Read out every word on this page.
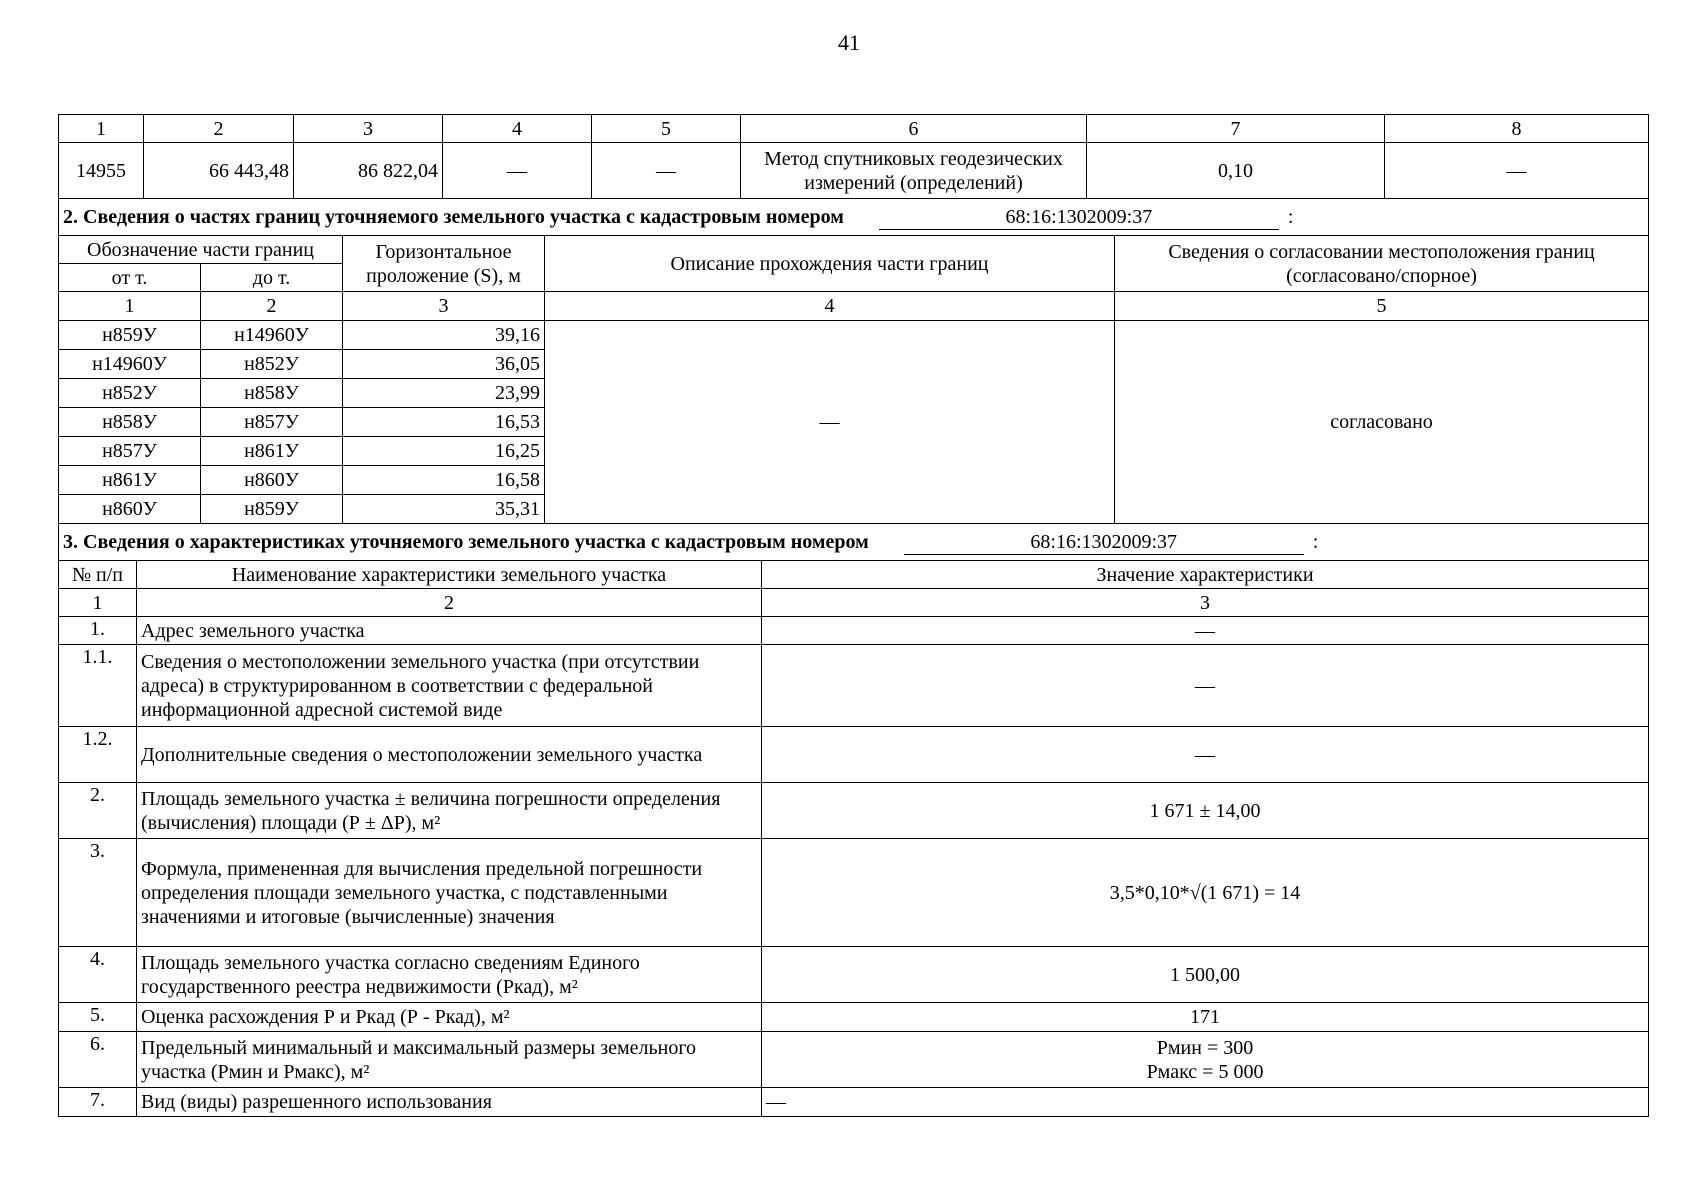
41
1	2	3	4	5	6	7	8
14955	66 443,48	86 822,04	—	—	Метод спутниковых геодезических измерений (определений)	0,10	—
2. Сведения о частях границ уточняемого земельного участка с кадастровым номером 68:16:1302009:37 :				
Обозначение части границ		Горизонтальное проложение (S), м	Описание прохождения части границ	Сведения о согласовании местоположения границ (согласовано/спорное)
от т.	до т.			
1	2	3	4	5
н859У	н14960У	39,16	—	согласовано
н14960У	н852У	36,05		
н852У	н858У	23,99		
н858У	н857У	16,53		
н857У	н861У	16,25		
н861У	н860У	16,58		
н860У	н859У	35,31		
3. Сведения о характеристиках уточняемого земельного участка с кадастровым номером 68:16:1302009:37 :		
№ п/п	Наименование характеристики земельного участка	Значение характеристики
1	2	3
1.	Адрес земельного участка	—
1.1.	Сведения о местоположении земельного участка (при отсутствии адреса) в структурированном в соответствии с федеральной информационной адресной системой виде	—
1.2.	Дополнительные сведения о местоположении земельного участка	—
2.	Площадь земельного участка ± величина погрешности определения (вычисления) площади (Р ± ΔР), м²	1 671 ± 14,00
3.	Формула, примененная для вычисления предельной погрешности определения площади земельного участка, с подставленными значениями и итоговые (вычисленные) значения	3,5*0,10*√(1 671) = 14
4.	Площадь земельного участка согласно сведениям Единого государственного реестра недвижимости (Ркад), м²	1 500,00
5.	Оценка расхождения Р и Ркад (Р - Ркад), м²	171
6.	Предельный минимальный и максимальный размеры земельного участка (Рмин и Рмакс), м²	Рмин = 300
Рмакс = 5 000

7.	Вид (виды) разрешенного использования	—
